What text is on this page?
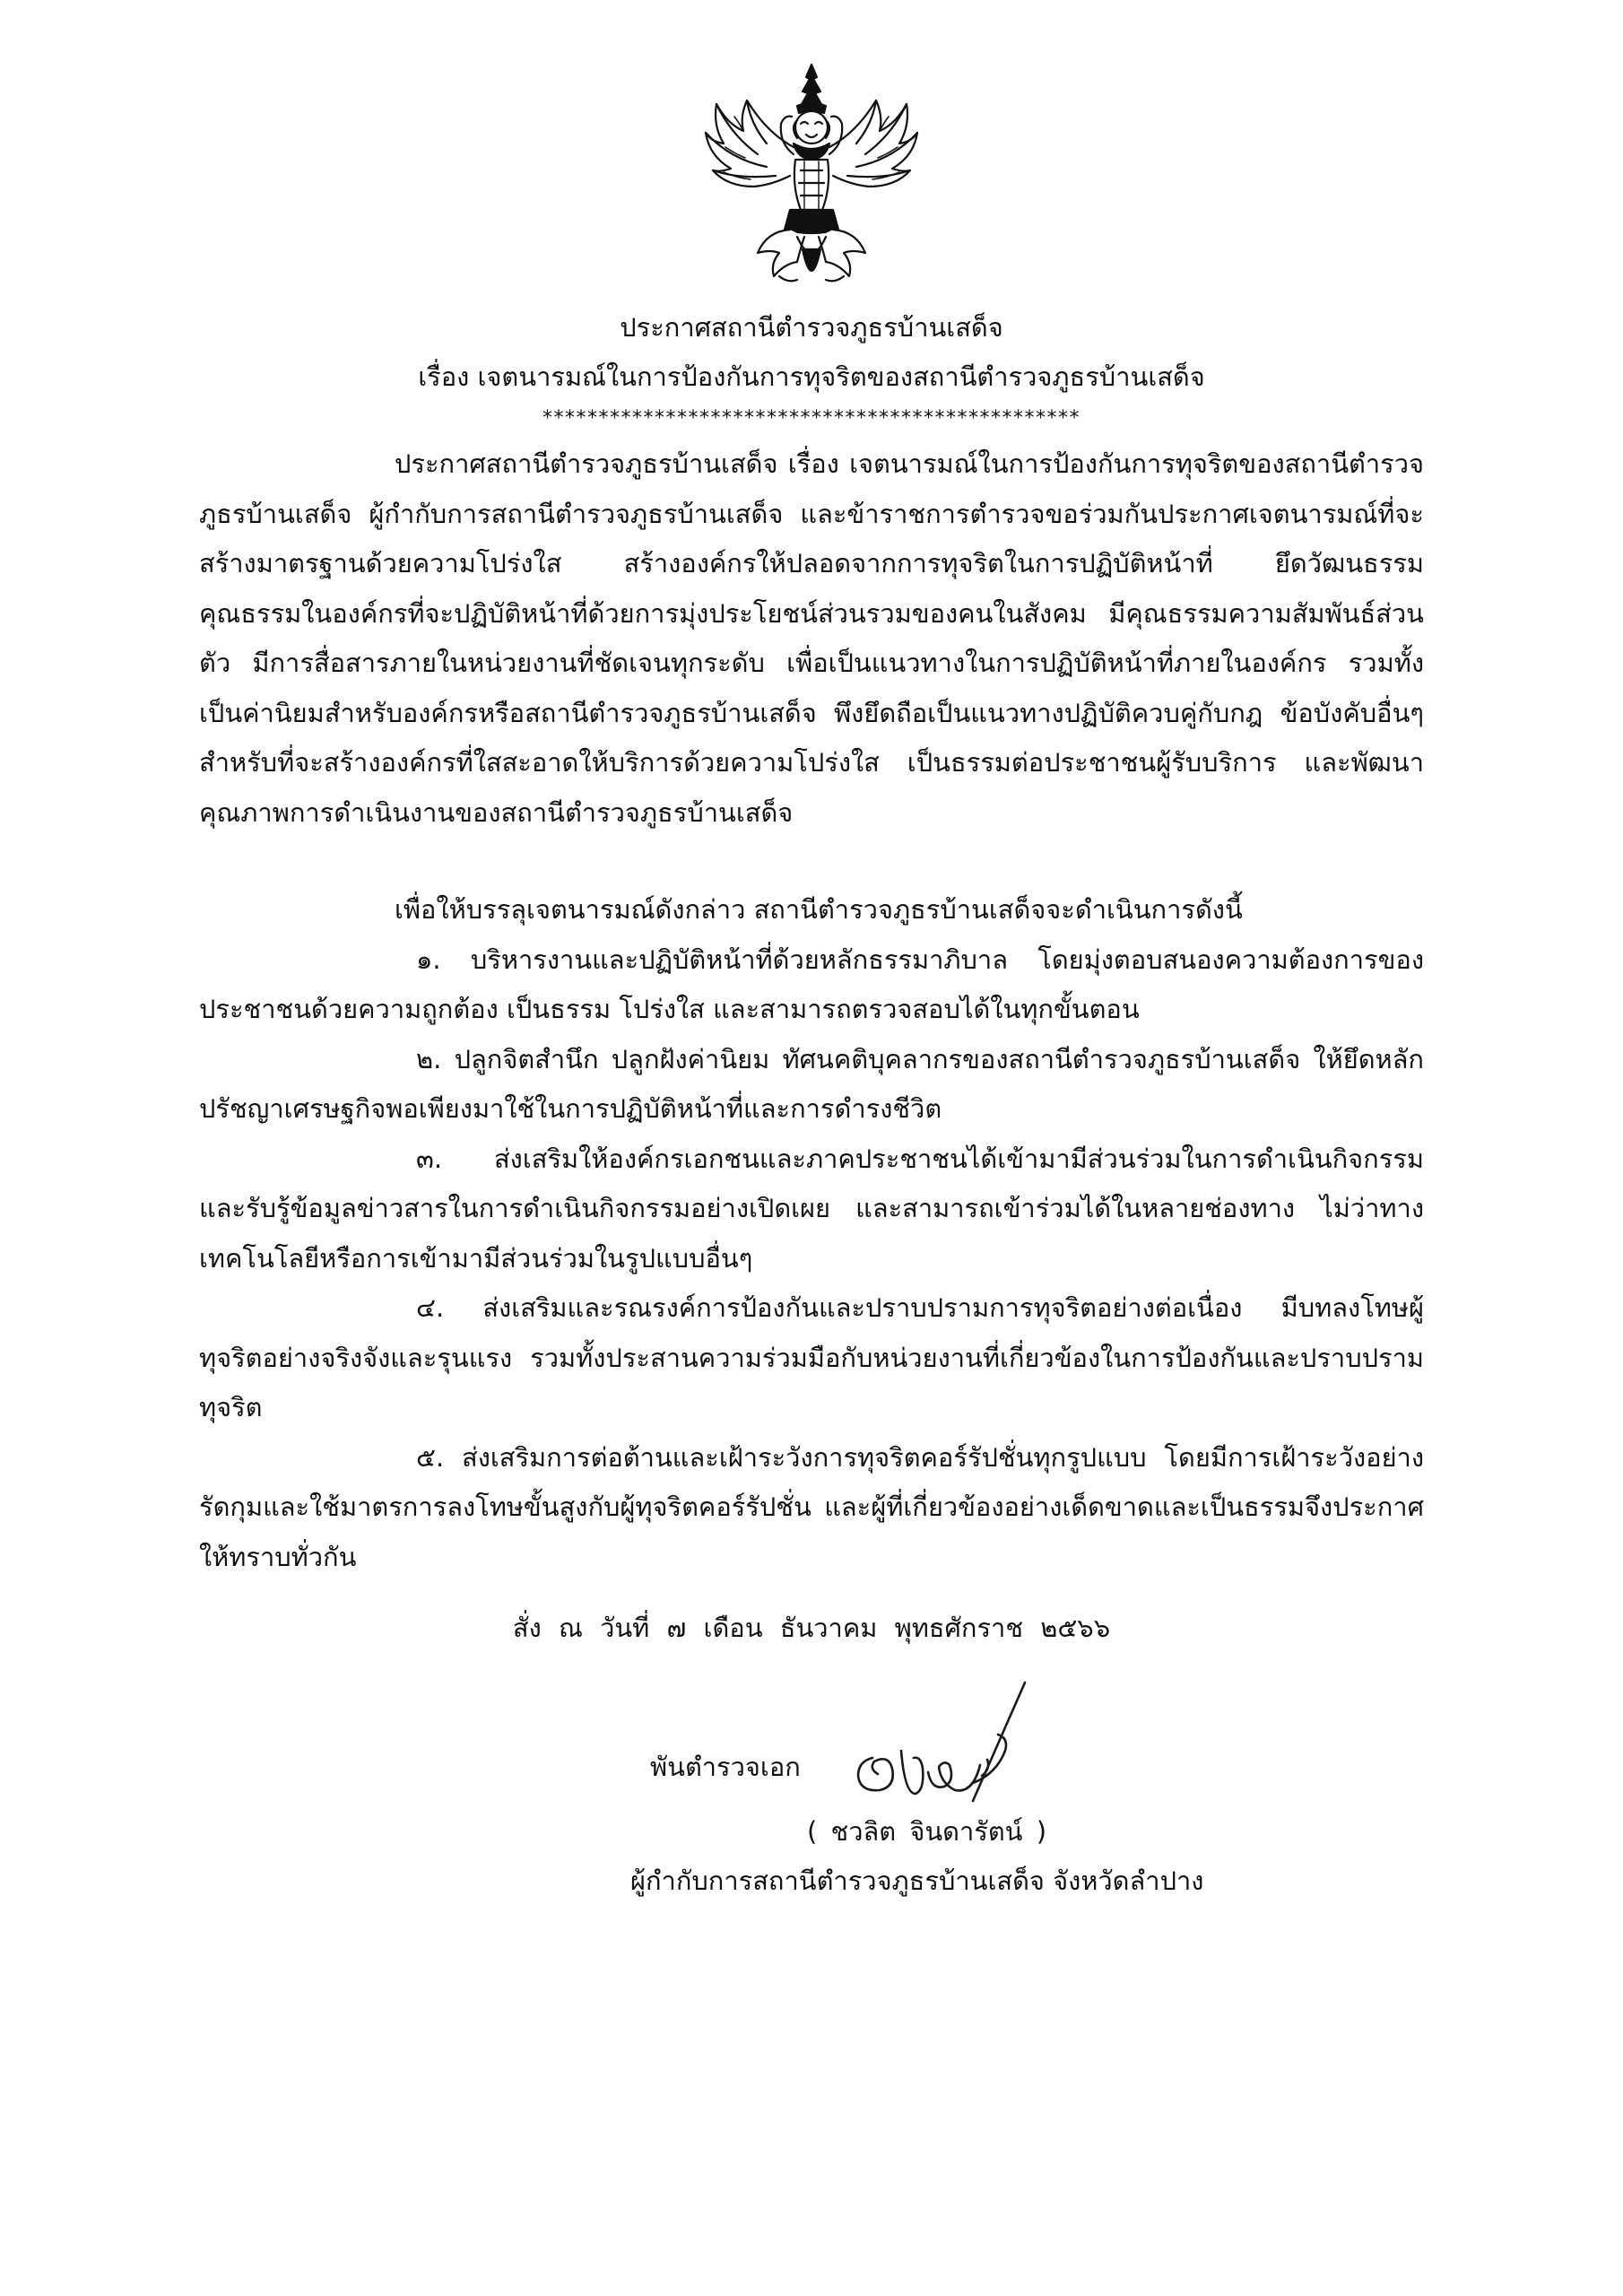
ประกาศสถานีตำรวจภูธรบ้านเสด็จ
เรื่อง เจตนารมณ์ในการป้องกันการทุจริตของสถานีตำรวจภูธรบ้านเสด็จ
************************************************
ประกาศสถานีตำรวจภูธรบ้านเสด็จ เรื่อง เจตนารมณ์ในการป้องกันการทุจริตของสถานีตำรวจภูธรบ้านเสด็จ ผู้กำกับการสถานีตำรวจภูธรบ้านเสด็จ และข้าราชการตำรวจขอร่วมกันประกาศเจตนารมณ์ที่จะสร้างมาตรฐานด้วยความโปร่งใส สร้างองค์กรให้ปลอดจากการทุจริตในการปฏิบัติหน้าที่ ยึดวัฒนธรรม คุณธรรมในองค์กรที่จะปฏิบัติหน้าที่ด้วยการมุ่งประโยชน์ส่วนรวมของคนในสังคม มีคุณธรรมความสัมพันธ์ส่วนตัว มีการสื่อสารภายในหน่วยงานที่ชัดเจนทุกระดับ เพื่อเป็นแนวทางในการปฏิบัติหน้าที่ภายในองค์กร รวมทั้งเป็นค่านิยมสำหรับองค์กรหรือสถานีตำรวจภูธรบ้านเสด็จ พึงยึดถือเป็นแนวทางปฏิบัติควบคู่กับกฎ ข้อบังคับอื่นๆ สำหรับที่จะสร้างองค์กรที่ใสสะอาดให้บริการด้วยความโปร่งใส เป็นธรรมต่อประชาชนผู้รับบริการ และพัฒนาคุณภาพการดำเนินงานของสถานีตำรวจภูธรบ้านเสด็จ
เพื่อให้บรรลุเจตนารมณ์ดังกล่าว สถานีตำรวจภูธรบ้านเสด็จจะดำเนินการดังนี้
๑. บริหารงานและปฏิบัติหน้าที่ด้วยหลักธรรมาภิบาล โดยมุ่งตอบสนองความต้องการของประชาชนด้วยความถูกต้อง เป็นธรรม โปร่งใส และสามารถตรวจสอบได้ในทุกขั้นตอน
๒. ปลูกจิตสำนึก ปลูกฝังค่านิยม ทัศนคติบุคลากรของสถานีตำรวจภูธรบ้านเสด็จ ให้ยึดหลักปรัชญาเศรษฐกิจพอเพียงมาใช้ในการปฏิบัติหน้าที่และการดำรงชีวิต
๓. ส่งเสริมให้องค์กรเอกชนและภาคประชาชนได้เข้ามามีส่วนร่วมในการดำเนินกิจกรรมและรับรู้ข้อมูลข่าวสารในการดำเนินกิจกรรมอย่างเปิดเผย และสามารถเข้าร่วมได้ในหลายช่องทาง ไม่ว่าทางเทคโนโลยีหรือการเข้ามามีส่วนร่วมในรูปแบบอื่นๆ
๔. ส่งเสริมและรณรงค์การป้องกันและปราบปรามการทุจริตอย่างต่อเนื่อง มีบทลงโทษผู้ทุจริตอย่างจริงจังและรุนแรง รวมทั้งประสานความร่วมมือกับหน่วยงานที่เกี่ยวข้องในการป้องกันและปราบปรามทุจริต
๕. ส่งเสริมการต่อต้านและเฝ้าระวังการทุจริตคอร์รัปชั่นทุกรูปแบบ โดยมีการเฝ้าระวังอย่างรัดกุมและใช้มาตรการลงโทษขั้นสูงกับผู้ทุจริตคอร์รัปชั่น และผู้ที่เกี่ยวข้องอย่างเด็ดขาดและเป็นธรรมจึงประกาศให้ทราบทั่วกัน
สั่ง ณ วันที่ ๗ เดือน ธันวาคม พุทธศักราช ๒๕๖๖
พันตำรวจเอก
( ชวลิต จินดารัตน์ )
ผู้กำกับการสถานีตำรวจภูธรบ้านเสด็จ จังหวัดลำปาง
